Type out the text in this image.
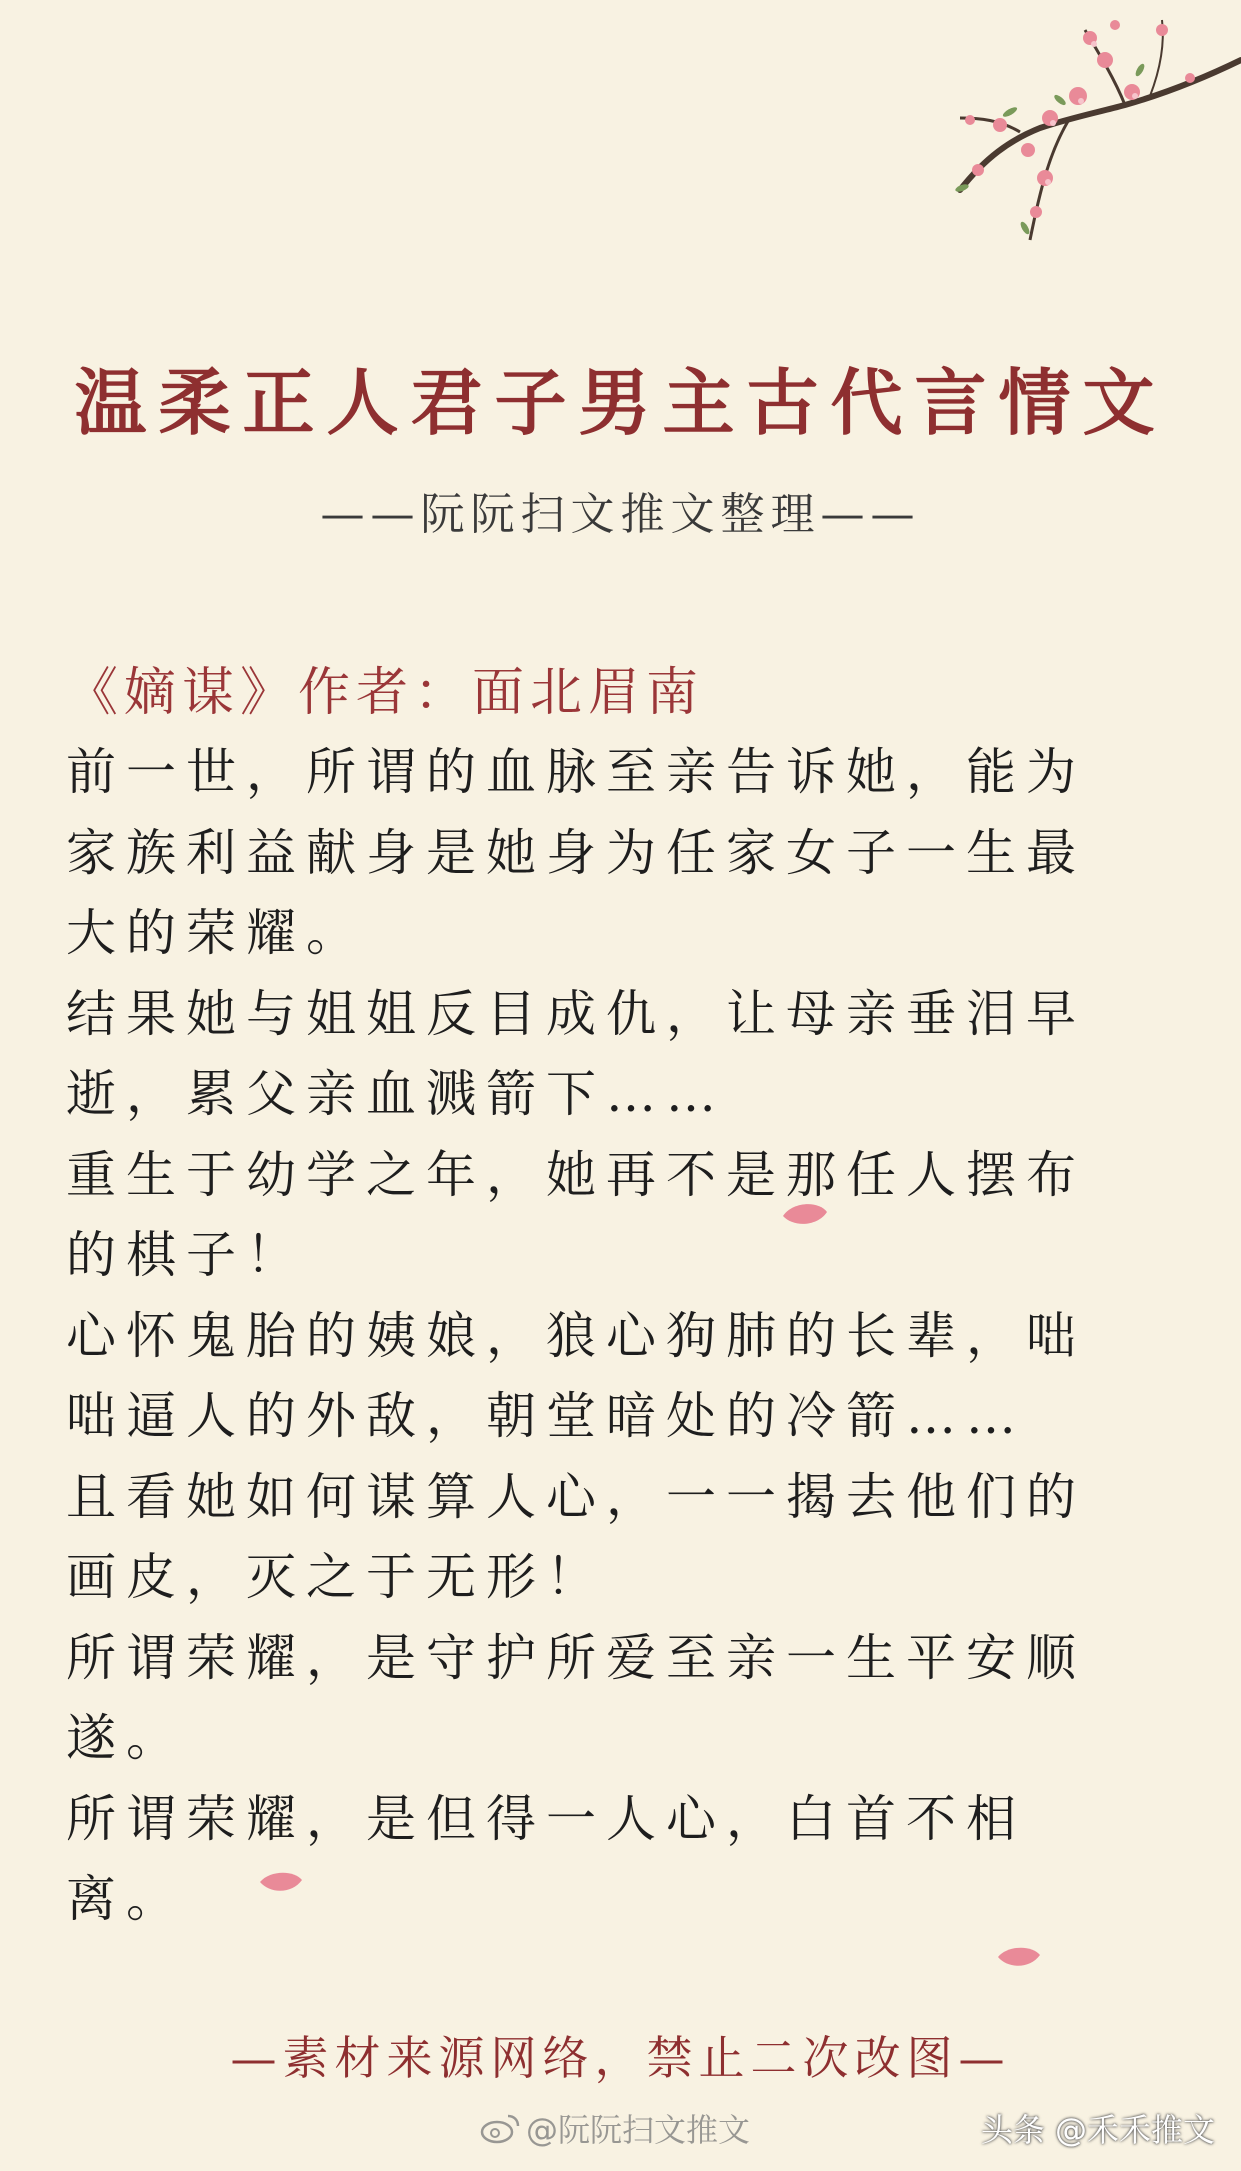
温柔正人君子男主古代言情文
——阮阮扫文推文整理——
《嫡谋》作者：面北眉南
前一世，所谓的血脉至亲告诉她，能为
家族利益献身是她身为任家女子一生最
大的荣耀。
结果她与姐姐反目成仇，让母亲垂泪早
逝，累父亲血溅箭下……
重生于幼学之年，她再不是那任人摆布
的棋子！
心怀鬼胎的姨娘，狼心狗肺的长辈，咄
咄逼人的外敌，朝堂暗处的冷箭……
且看她如何谋算人心，一一揭去他们的
画皮，灭之于无形！
所谓荣耀，是守护所爱至亲一生平安顺
遂。
所谓荣耀，是但得一人心，白首不相
离。
—素材来源网络，禁止二次改图—
@阮阮扫文推文	头条 @禾禾推文
